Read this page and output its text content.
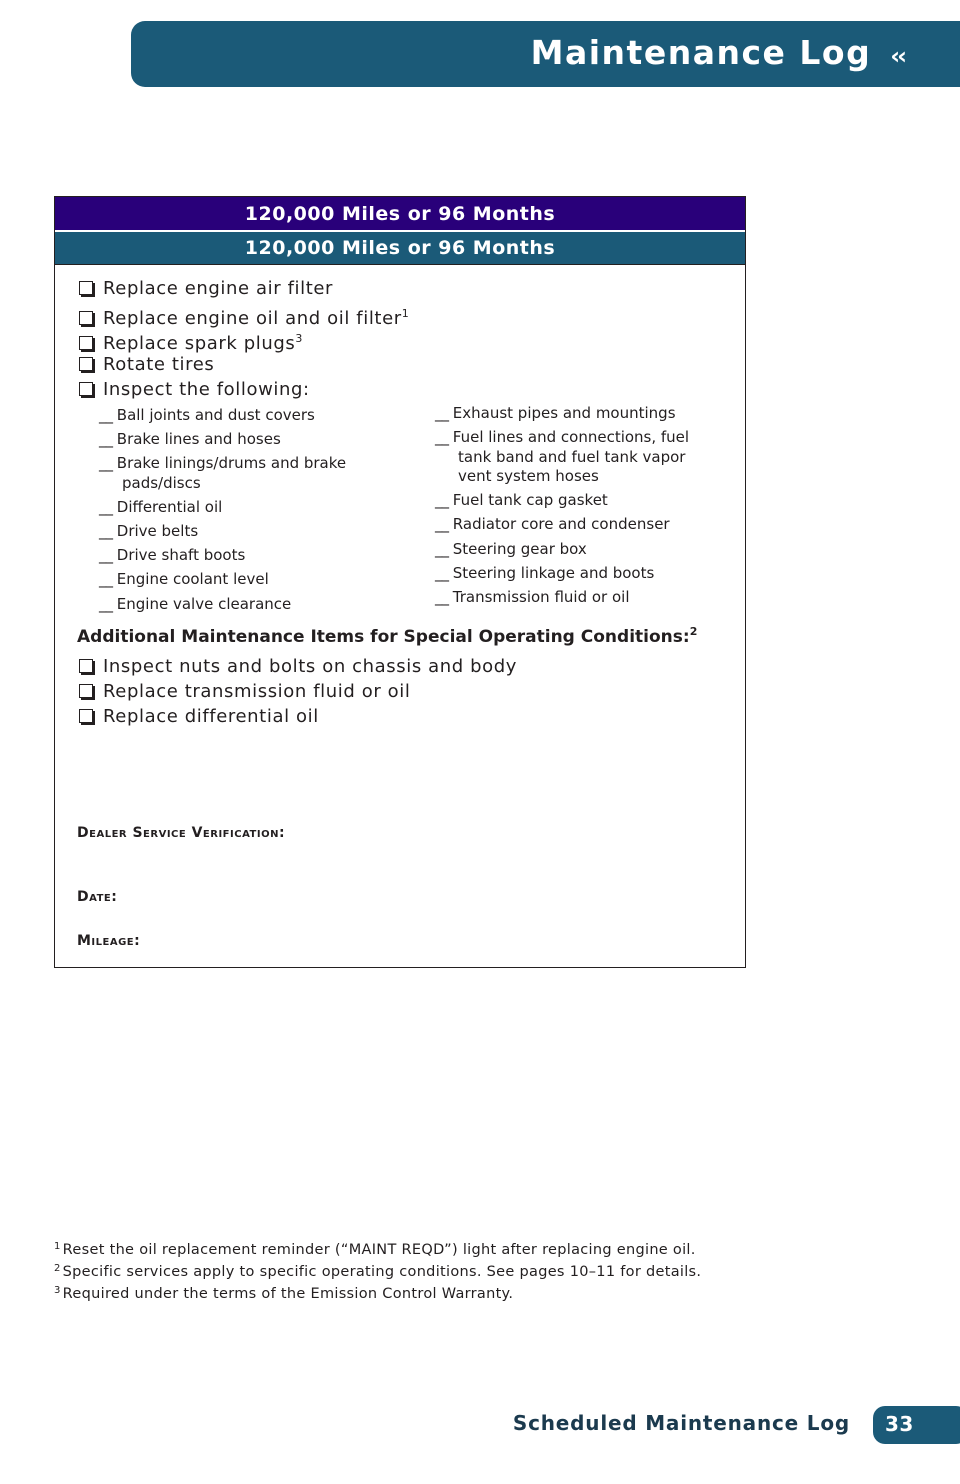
Maintenance Log ‹‹
120,000 Miles or 96 Months
120,000 Miles or 96 Months
Replace engine air filter
Replace engine oil and oil filter$^1$
Replace spark plugs$^3$
Rotate tires
Inspect the following:
__ Ball joints and dust covers
__ Brake lines and hoses
__ Brake linings/drums and brake pads/discs
__ Differential oil
__ Drive belts
__ Drive shaft boots
__ Engine coolant level
__ Engine valve clearance
__ Exhaust pipes and mountings
__ Fuel lines and connections, fuel tank band and fuel tank vapor vent system hoses
__ Fuel tank cap gasket
__ Radiator core and condenser
__ Steering gear box
__ Steering linkage and boots
__ Transmission fluid or oil
Additional Maintenance Items for Special Operating Conditions:$^2$
Inspect nuts and bolts on chassis and body
Replace transmission fluid or oil
Replace differential oil
Dealer Service Verification:
Date:
Mileage:
$^1$ Reset the oil replacement reminder (“MAINT REQD”) light after replacing engine oil.
$^2$ Specific services apply to specific operating conditions. See pages 10–11 for details.
$^3$ Required under the terms of the Emission Control Warranty.
Scheduled Maintenance Log 33
